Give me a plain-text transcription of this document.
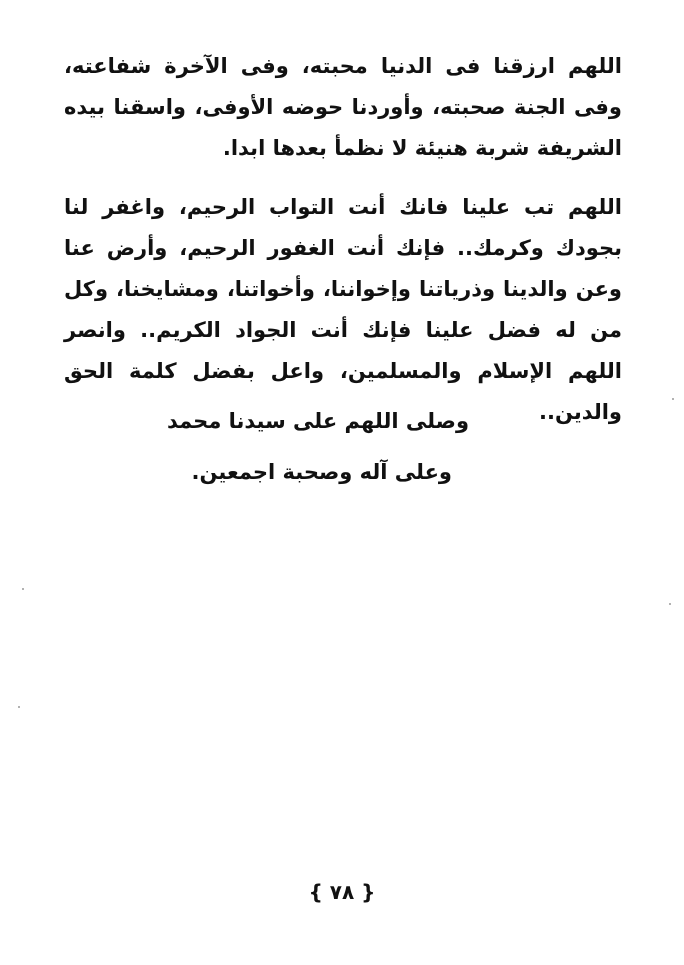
اللهم ارزقنا فى الدنيا محبته، وفى الآخرة شفاعته، وفى الجنة صحبته، وأوردنا حوضه الأوفى، واسقنا بيده الشريفة شربة هنيئة لا نظمأ بعدها ابدا.

اللهم تب علينا فانك أنت التواب الرحيم، واغفر لنا بجودك وكرمك.. فإنك أنت الغفور الرحيم، وأرض عنا وعن والدينا وذرياتنا وإخواننا، وأخواتنا، ومشايخنا، وكل من له فضل علينا فإنك أنت الجواد الكريم.. وانصر اللهم الإسلام والمسلمين، واعل بفضل كلمة الحق والدين..

وصلى اللهم على سيدنا محمد

وعلى آله وصحبة اجمعين.

{ ٧٨ }
